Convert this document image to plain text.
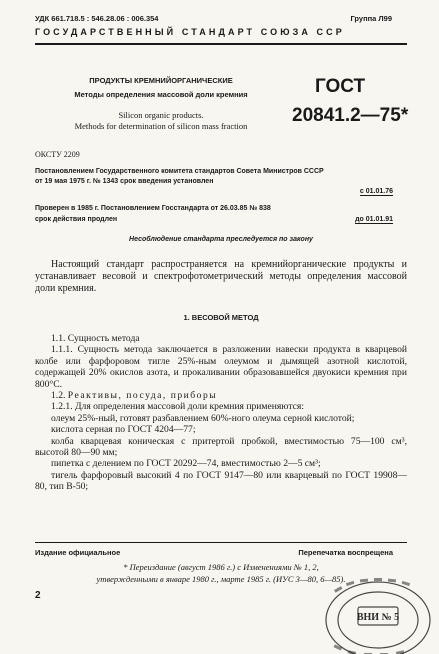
УДК 661.718.5 : 546.28.06 : 006.354	Группа Л99
ГОСУДАРСТВЕННЫЙ СТАНДАРТ СОЮЗА ССР
ПРОДУКТЫ КРЕМНИЙОРГАНИЧЕСКИЕ
Методы определения массовой доли кремния
Silicon organic products.
Methods for determination of silicon mass fraction
ГОСТ
20841.2—75*
ОКСТУ 2209
Постановлением Государственного комитета стандартов Совета Министров СССР
от 19 мая 1975 г. № 1343 срок введения установлен
с 01.01.76
Проверен в 1985 г. Постановлением Госстандарта от 26.03.85 № 838
срок действия продлен	до 01.01.91
Несоблюдение стандарта преследуется по закону

Настоящий стандарт распространяется на кремнийорганические продукты и устанавливает весовой и спектрофотометрический методы определения массовой доли кремния.

1. ВЕСОВОЙ МЕТОД

1.1. Сущность метода

1.1.1. Сущность метода заключается в разложении навески продукта в кварцевой колбе или фарфоровом тигле 25%-ным олеумом и дымящей азотной кислотой, содержащей 20% окислов азота, и прокаливании образовавшейся двуокиси кремния при 800°С.

1.2. Реактивы, посуда, приборы

1.2.1. Для определения массовой доли кремния применяются:

олеум 25%-ный, готовят разбавлением 60%-ного олеума серной кислотой;

кислота серная по ГОСТ 4204—77;

колба кварцевая коническая с притертой пробкой, вместимостью 75—100 см³, высотой 80—90 мм;

пипетка с делением по ГОСТ 20292—74, вместимостью 2—5 см³;

тигель фарфоровый высокий 4 по ГОСТ 9147—80 или кварцевый по ГОСТ 19908—80, тип В-50;

Издание официальное	Перепечатка воспрещена
* Переиздание (август 1986 г.) с Изменениями № 1, 2,
утвержденными в январе 1980 г., марте 1985 г. (ИУС 3—80, 6—85).
2
ВНИ № 5
